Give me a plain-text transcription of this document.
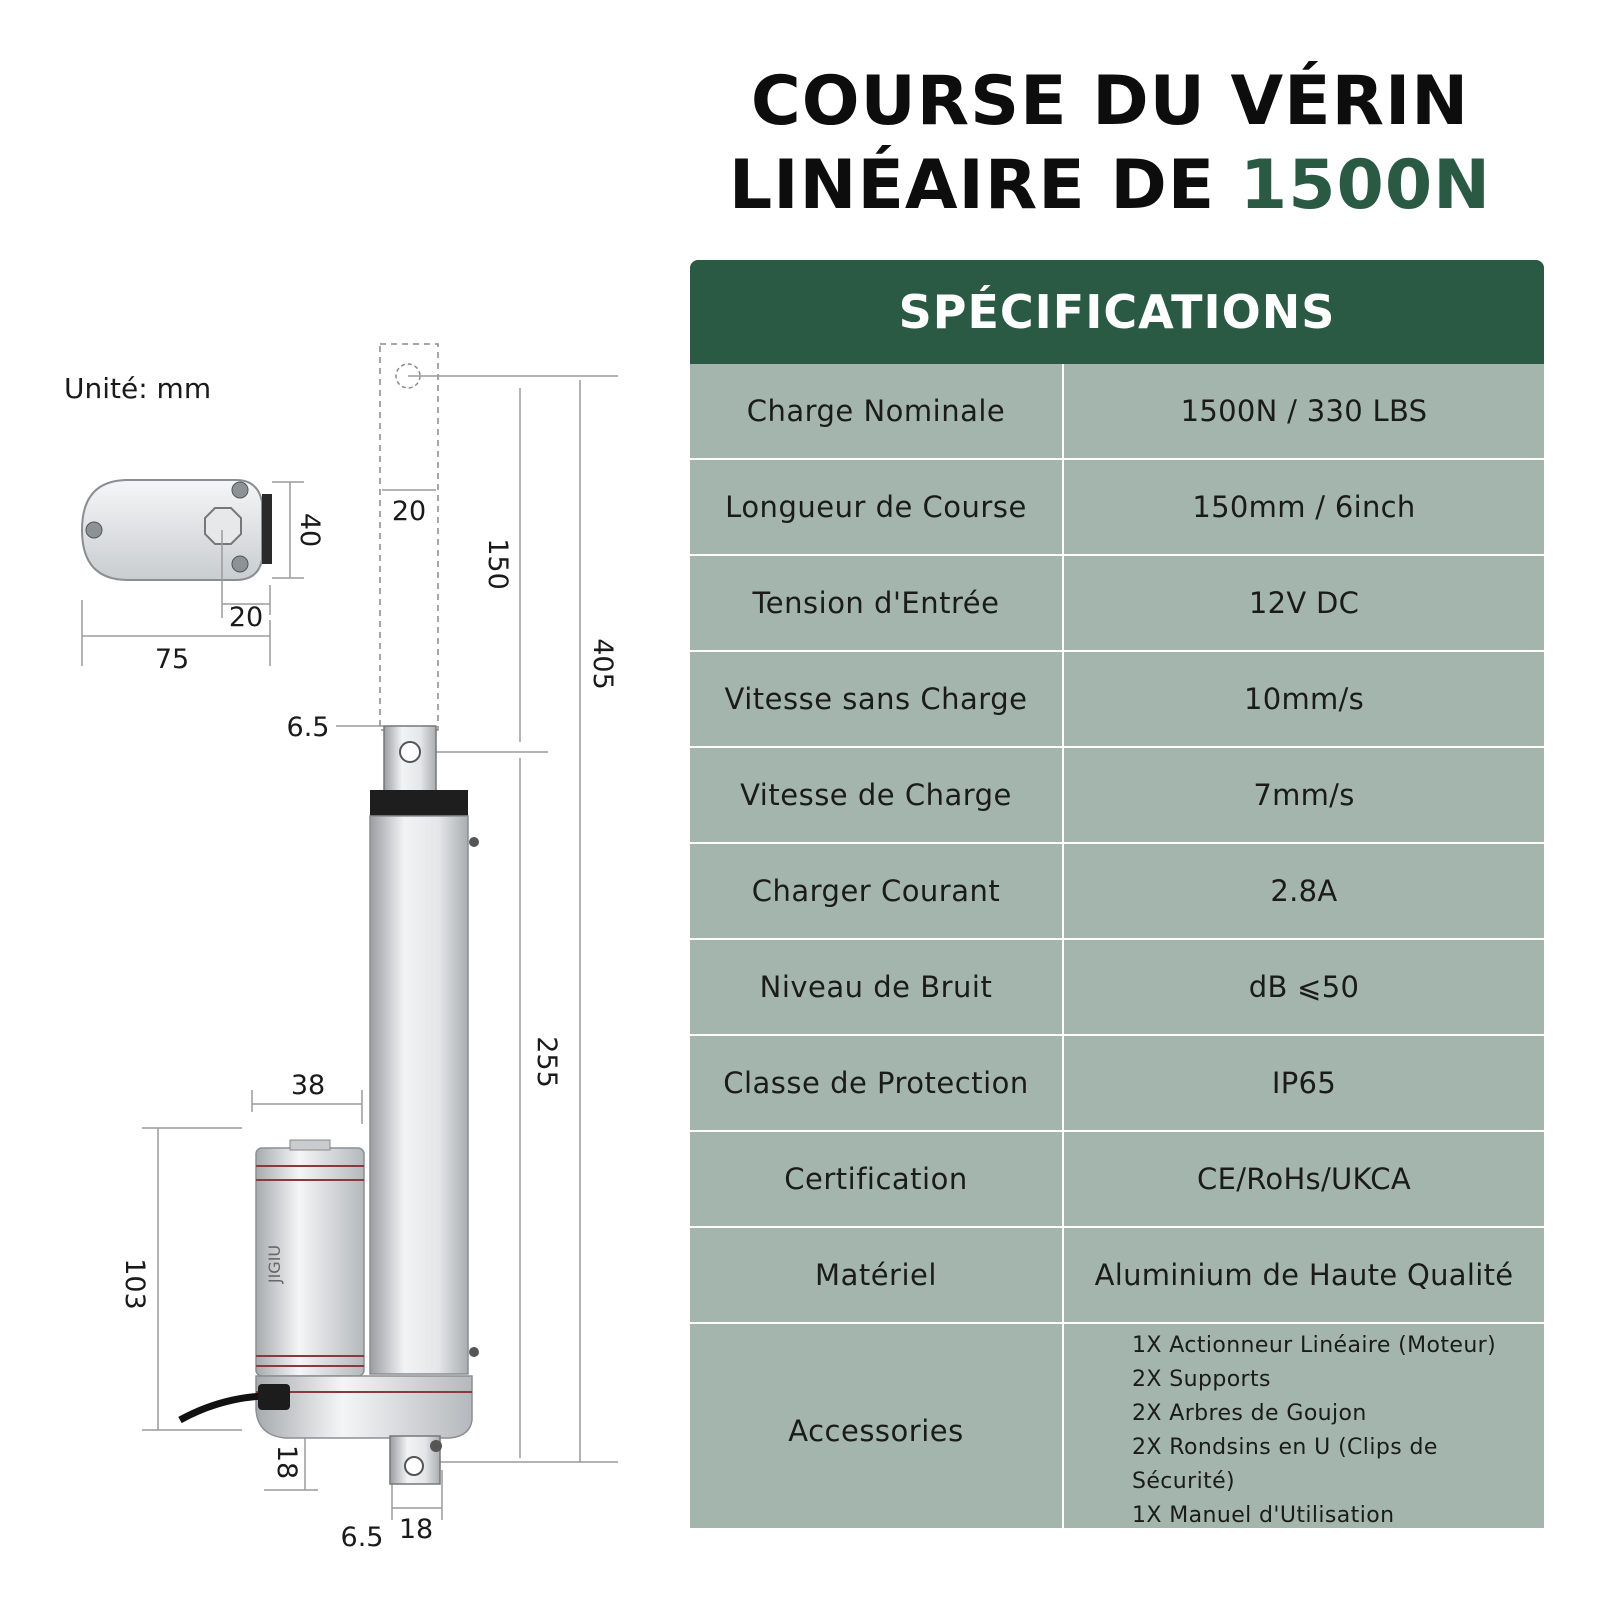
COURSE DU VÉRIN
LINÉAIRE DE 1500N
Unité: mm
40
20
75
20
150
405
6.5
255
38
103
18
6.5 18
JIGIU
SPÉCIFICATIONS
Charge Nominale	1500N / 330 LBS
Longueur de Course	150mm / 6inch
Tension d'Entrée	12V DC
Vitesse sans Charge	10mm/s
Vitesse de Charge	7mm/s
Charger Courant	2.8A
Niveau de Bruit	dB ⩽50
Classe de Protection	IP65
Certification	CE/RoHs/UKCA
Matériel	Aluminium de Haute Qualité
Accessories
1X Actionneur Linéaire (Moteur)
2X Supports
2X Arbres de Goujon
2X Rondsins en U (Clips de Sécurité)
1X Manuel d'Utilisation
